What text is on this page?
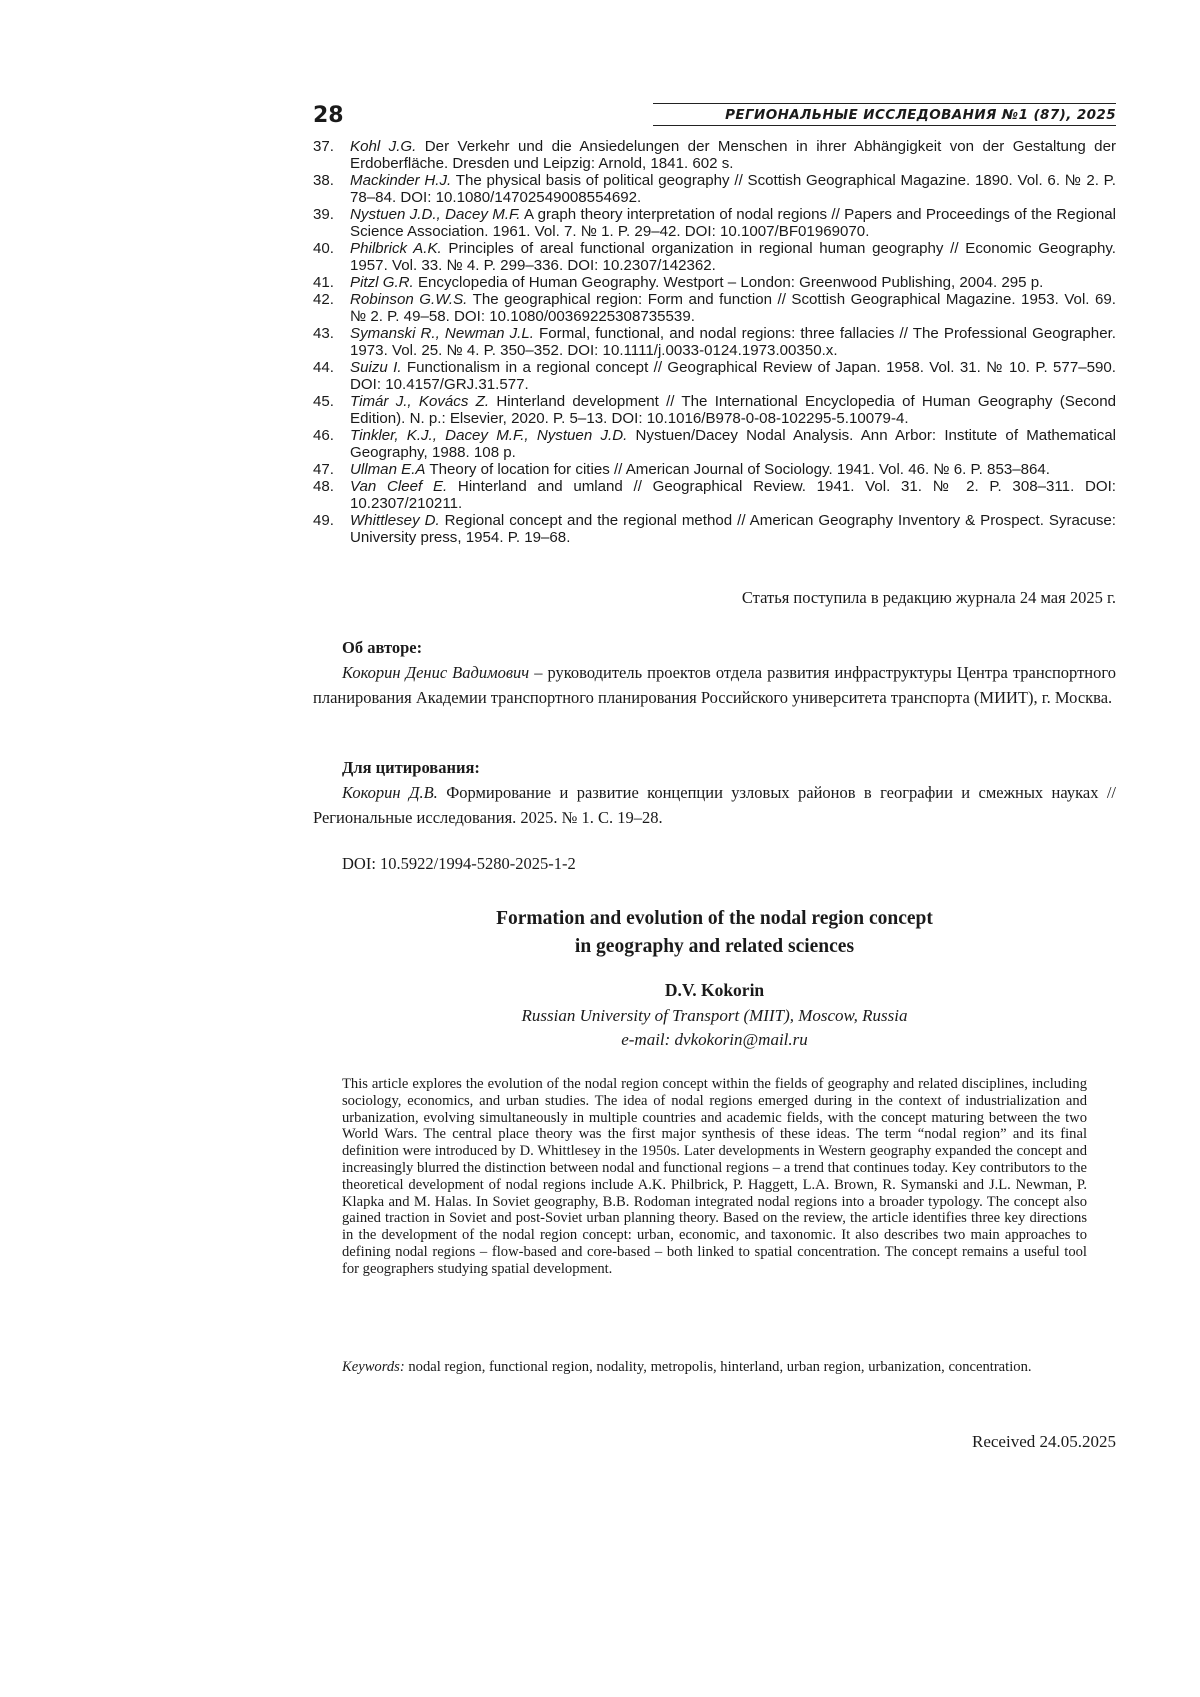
28	РЕГИОНАЛЬНЫЕ ИССЛЕДОВАНИЯ №1 (87), 2025
37. Kohl J.G. Der Verkehr und die Ansiedelungen der Menschen in ihrer Abhängigkeit von der Gestaltung der Erdoberfläche. Dresden und Leipzig: Arnold, 1841. 602 s.
38. Mackinder H.J. The physical basis of political geography // Scottish Geographical Magazine. 1890. Vol. 6. № 2. P. 78–84. DOI: 10.1080/14702549008554692.
39. Nystuen J.D., Dacey M.F. A graph theory interpretation of nodal regions // Papers and Proceedings of the Regional Science Association. 1961. Vol. 7. № 1. P. 29–42. DOI: 10.1007/BF01969070.
40. Philbrick A.K. Principles of areal functional organization in regional human geography // Economic Geography. 1957. Vol. 33. № 4. P. 299–336. DOI: 10.2307/142362.
41. Pitzl G.R. Encyclopedia of Human Geography. Westport – London: Greenwood Publishing, 2004. 295 p.
42. Robinson G.W.S. The geographical region: Form and function // Scottish Geographical Magazine. 1953. Vol. 69. № 2. P. 49–58. DOI: 10.1080/00369225308735539.
43. Symanski R., Newman J.L. Formal, functional, and nodal regions: three fallacies // The Professional Geographer. 1973. Vol. 25. № 4. P. 350–352. DOI: 10.1111/j.0033-0124.1973.00350.x.
44. Suizu I. Functionalism in a regional concept // Geographical Review of Japan. 1958. Vol. 31. № 10. P. 577–590. DOI: 10.4157/GRJ.31.577.
45. Timár J., Kovács Z. Hinterland development // The International Encyclopedia of Human Geography (Second Edition). N. p.: Elsevier, 2020. P. 5–13. DOI: 10.1016/B978-0-08-102295-5.10079-4.
46. Tinkler, K.J., Dacey M.F., Nystuen J.D. Nystuen/Dacey Nodal Analysis. Ann Arbor: Institute of Mathematical Geography, 1988. 108 p.
47. Ullman E.A Theory of location for cities // American Journal of Sociology. 1941. Vol. 46. № 6. P. 853–864.
48. Van Cleef E. Hinterland and umland // Geographical Review. 1941. Vol. 31. № 2. P. 308–311. DOI: 10.2307/210211.
49. Whittlesey D. Regional concept and the regional method // American Geography Inventory & Prospect. Syracuse: University press, 1954. P. 19–68.
Статья поступила в редакцию журнала 24 мая 2025 г.
Об авторе:

Кокорин Денис Вадимович – руководитель проектов отдела развития инфраструктуры Центра транспортного планирования Академии транспортного планирования Российского университета транспорта (МИИТ), г. Москва.

Для цитирования:

Кокорин Д.В. Формирование и развитие концепции узловых районов в географии и смежных науках // Региональные исследования. 2025. № 1. С. 19–28.

DOI: 10.5922/1994-5280-2025-1-2

Formation and evolution of the nodal region concept
in geography and related sciences

D.V. Kokorin
Russian University of Transport (MIIT), Moscow, Russia
e-mail: dvkokorin@mail.ru

This article explores the evolution of the nodal region concept within the fields of geography and related disciplines, including sociology, economics, and urban studies. The idea of nodal regions emerged during in the context of industrialization and urbanization, evolving simultaneously in multiple countries and academic fields, with the concept maturing between the two World Wars. The central place theory was the first major synthesis of these ideas. The term “nodal region” and its final definition were introduced by D. Whittlesey in the 1950s. Later developments in Western geography expanded the concept and increasingly blurred the distinction between nodal and functional regions – a trend that continues today. Key contributors to the theoretical development of nodal regions include A.K. Philbrick, P. Haggett, L.A. Brown, R. Symanski and J.L. Newman, P. Klapka and M. Halas. In Soviet geography, B.B. Rodoman integrated nodal regions into a broader typology. The concept also gained traction in Soviet and post-Soviet urban planning theory. Based on the review, the article identifies three key directions in the development of the nodal region concept: urban, economic, and taxonomic. It also describes two main approaches to defining nodal regions – flow-based and core-based – both linked to spatial concentration. The concept remains a useful tool for geographers studying spatial development.

Keywords: nodal region, functional region, nodality, metropolis, hinterland, urban region, urbanization, concentration.

Received 24.05.2025
